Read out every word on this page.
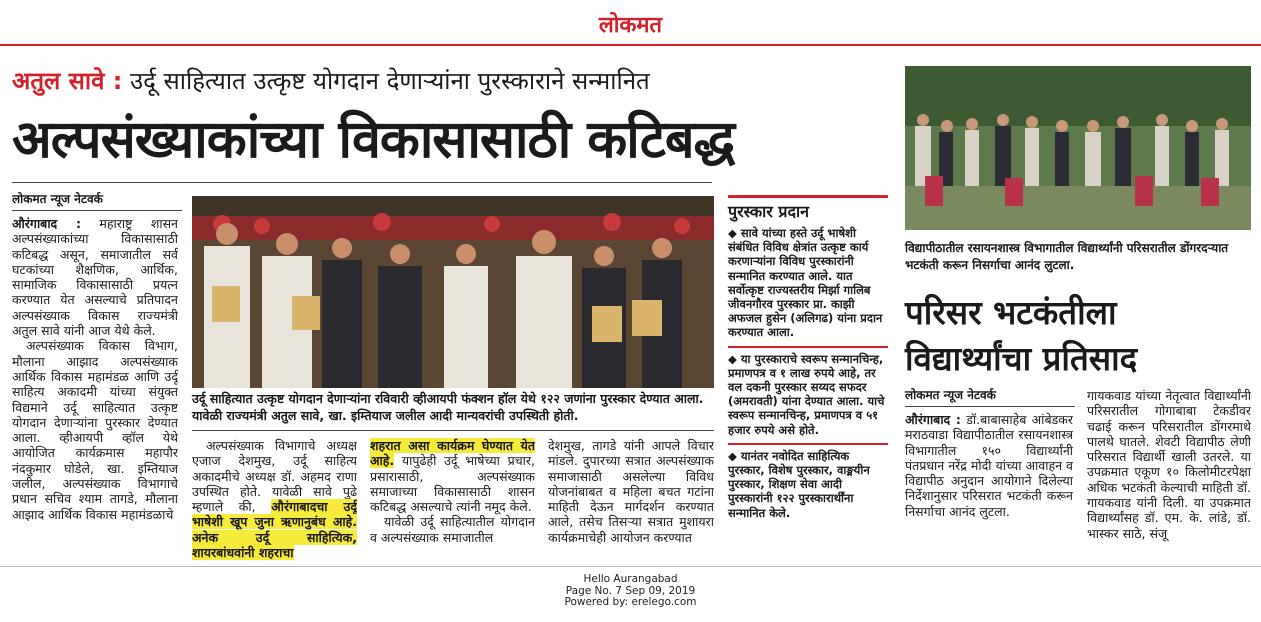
लोकमत
अतुल सावे : उर्दू साहित्यात उत्कृष्ट योगदान देणाऱ्यांना पुरस्काराने सन्मानित
अल्पसंख्याकांच्या विकासासाठी कटिबद्ध
लोकमत न्यूज नेटवर्क

औरंगाबाद : महाराष्ट्र शासन अल्पसंख्याकांच्या विकासासाठी कटिबद्ध असून, समाजातील सर्व घटकांच्या शैक्षणिक, आर्थिक, सामाजिक विकासासाठी प्रयत्न करण्यात येत असल्याचे प्रतिपादन अल्पसंख्याक विकास राज्यमंत्री अतुल सावे यांनी आज येथे केले.

अल्पसंख्याक विकास विभाग, मौलाना आझाद अल्पसंख्याक आर्थिक विकास महामंडळ आणि उर्दू साहित्य अकादमी यांच्या संयुक्त विद्यमाने उर्दू साहित्यात उत्कृष्ट योगदान देणाऱ्यांना पुरस्कार देण्यात आला. व्हीआयपी व्हॉल येथे आयोजित कार्यक्रमास महापौर नंदकुमार घोडेले, खा. इम्तियाज जलील, अल्पसंख्याक विभागाचे प्रधान सचिव श्याम तागडे, मौलाना आझाद आर्थिक विकास महामंडळाचे

उर्दू साहित्यात उत्कृष्ट योगदान देणाऱ्यांना रविवारी व्हीआयपी फंक्शन हॉल येथे १२२ जणांना पुरस्कार देण्यात आला. यावेळी राज्यमंत्री अतुल सावे, खा. इम्तियाज जलील आदी मान्यवरांची उपस्थिती होती.

अल्पसंख्याक विभागाचे अध्यक्ष एजाज देशमुख, उर्दू साहित्य अकादमीचे अध्यक्ष डॉ. अहमद राणा उपस्थित होते. यावेळी सावे पुढे म्हणाले की, औरंगाबादचा उर्दू भाषेशी खूप जुना ऋणानुबंध आहे. अनेक उर्दू साहित्यिक, शायरबांधवांनी शहराचा

शहरात असा कार्यक्रम घेण्यात येत आहे. यापुढेही उर्दू भाषेच्या प्रचार, प्रसारासाठी, अल्पसंख्याक समाजाच्या विकासासाठी शासन कटिबद्ध असल्याचे त्यांनी नमूद केले.

यावेळी उर्दू साहित्यातील योगदान व अल्पसंख्याक समाजातील

देशमुख, तागडे यांनी आपले विचार मांडले. दुपारच्या सत्रात अल्पसंख्याक समाजासाठी असलेल्या विविध योजनांबाबत व महिला बचत गटांना माहिती देऊन मार्गदर्शन करण्यात आले, तसेच तिसऱ्या सत्रात मुशायरा कार्यक्रमाचेही आयोजन करण्यात

पुरस्कार प्रदान
◆ सावे यांच्या हस्ते उर्दू भाषेशी संबंधित विविध क्षेत्रांत उत्कृष्ट कार्य करणाऱ्यांना विविध पुरस्कारांनी सन्मानित करण्यात आले. यात सर्वोत्कृष्ट राज्यस्तरीय मिर्झा गालिब जीवनगौरव पुरस्कार प्रा. काझी अफजल हुसेन (अलिगढ) यांना प्रदान करण्यात आला.
◆ या पुरस्काराचे स्वरूप सन्मानचिन्ह, प्रमाणपत्र व १ लाख रुपये आहे, तर वल दकनी पुरस्कार सय्यद सफदर (अमरावती) यांना देण्यात आला. याचे स्वरूप सन्मानचिन्ह, प्रमाणपत्र व ५१ हजार रुपये असे होते.
◆ यानंतर नवोदित साहित्यिक पुरस्कार, विशेष पुरस्कार, वाङ्मयीन पुरस्कार, शिक्षण सेवा आदी पुरस्कारांनी १२२ पुरस्कारार्थींना सन्मानित केले.
विद्यापीठातील रसायनशास्त्र विभागातील विद्यार्थ्यांनी परिसरातील डोंगरदऱ्यात भटकंती करून निसर्गाचा आनंद लुटला.
परिसर भटकंतीला विद्यार्थ्यांचा प्रतिसाद
लोकमत न्यूज नेटवर्क

औरंगाबाद : डॉ.बाबासाहेब आंबेडकर मराठवाडा विद्यापीठातील रसायनशास्त्र विभागातील १५० विद्यार्थ्यांनी पंतप्रधान नरेंद्र मोदी यांच्या आवाहन व विद्यापीठ अनुदान आयोगाने दिलेल्या निर्देशानुसार परिसरात भटकंती करून निसर्गाचा आनंद लुटला.

गायकवाड यांच्या नेतृत्वात विद्यार्थ्यांनी परिसरातील गोगाबाबा टेकडीवर चढाई करून परिसरातील डोंगरमाथे पालथे घातले. शेवटी विद्यापीठ लेणी परिसरात विद्यार्थी खाली उतरले. या उपक्रमात एकूण १० किलोमीटरपेक्षा अधिक भटकंती केल्याची माहिती डॉ. गायकवाड यांनी दिली. या उपक्रमात विद्यार्थ्यांसह डॉ. एम. के. लांडे, डॉ. भास्कर साठे, संजू

Hello Aurangabad
Page No. 7 Sep 09, 2019
Powered by: erelego.com
